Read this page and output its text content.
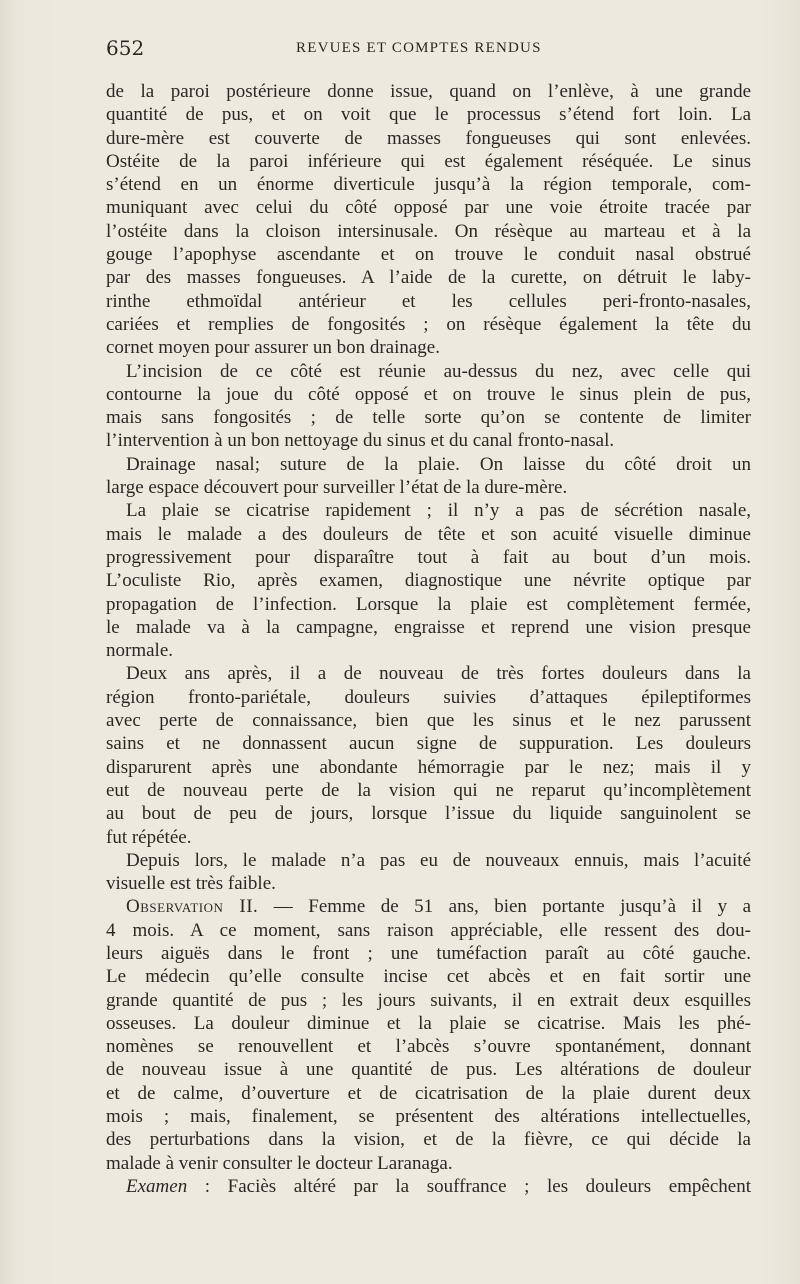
652	REVUES ET COMPTES RENDUS
de la paroi postérieure donne issue, quand on l’enlève, à une grande
quantité de pus, et on voit que le processus s’étend fort loin. La
dure-mère est couverte de masses fongueuses qui sont enlevées.
Ostéite de la paroi inférieure qui est également réséquée. Le sinus
s’étend en un énorme diverticule jusqu’à la région temporale, com-
muniquant avec celui du côté opposé par une voie étroite tracée par
l’ostéite dans la cloison intersinusale. On résèque au marteau et à la
gouge l’apophyse ascendante et on trouve le conduit nasal obstrué
par des masses fongueuses. A l’aide de la curette, on détruit le laby-
rinthe ethmoïdal antérieur et les cellules peri-fronto-nasales,
cariées et remplies de fongosités ; on résèque également la tête du
cornet moyen pour assurer un bon drainage.
L’incision de ce côté est réunie au-dessus du nez, avec celle qui
contourne la joue du côté opposé et on trouve le sinus plein de pus,
mais sans fongosités ; de telle sorte qu’on se contente de limiter
l’intervention à un bon nettoyage du sinus et du canal fronto-nasal.
Drainage nasal; suture de la plaie. On laisse du côté droit un
large espace découvert pour surveiller l’état de la dure-mère.
La plaie se cicatrise rapidement ; il n’y a pas de sécrétion nasale,
mais le malade a des douleurs de tête et son acuité visuelle diminue
progressivement pour disparaître tout à fait au bout d’un mois.
L’oculiste Rio, après examen, diagnostique une névrite optique par
propagation de l’infection. Lorsque la plaie est complètement fermée,
le malade va à la campagne, engraisse et reprend une vision presque
normale.
Deux ans après, il a de nouveau de très fortes douleurs dans la
région fronto-pariétale, douleurs suivies d’attaques épileptiformes
avec perte de connaissance, bien que les sinus et le nez parussent
sains et ne donnassent aucun signe de suppuration. Les douleurs
disparurent après une abondante hémorragie par le nez; mais il y
eut de nouveau perte de la vision qui ne reparut qu’incomplètement
au bout de peu de jours, lorsque l’issue du liquide sanguinolent se
fut répétée.
Depuis lors, le malade n’a pas eu de nouveaux ennuis, mais l’acuité
visuelle est très faible.
Observation II. — Femme de 51 ans, bien portante jusqu’à il y a
4 mois. A ce moment, sans raison appréciable, elle ressent des dou-
leurs aiguës dans le front ; une tuméfaction paraît au côté gauche.
Le médecin qu’elle consulte incise cet abcès et en fait sortir une
grande quantité de pus ; les jours suivants, il en extrait deux esquilles
osseuses. La douleur diminue et la plaie se cicatrise. Mais les phé-
nomènes se renouvellent et l’abcès s’ouvre spontanément, donnant
de nouveau issue à une quantité de pus. Les altérations de douleur
et de calme, d’ouverture et de cicatrisation de la plaie durent deux
mois ; mais, finalement, se présentent des altérations intellectuelles,
des perturbations dans la vision, et de la fièvre, ce qui décide la
malade à venir consulter le docteur Laranaga.
Examen : Faciès altéré par la souffrance ; les douleurs empêchent
